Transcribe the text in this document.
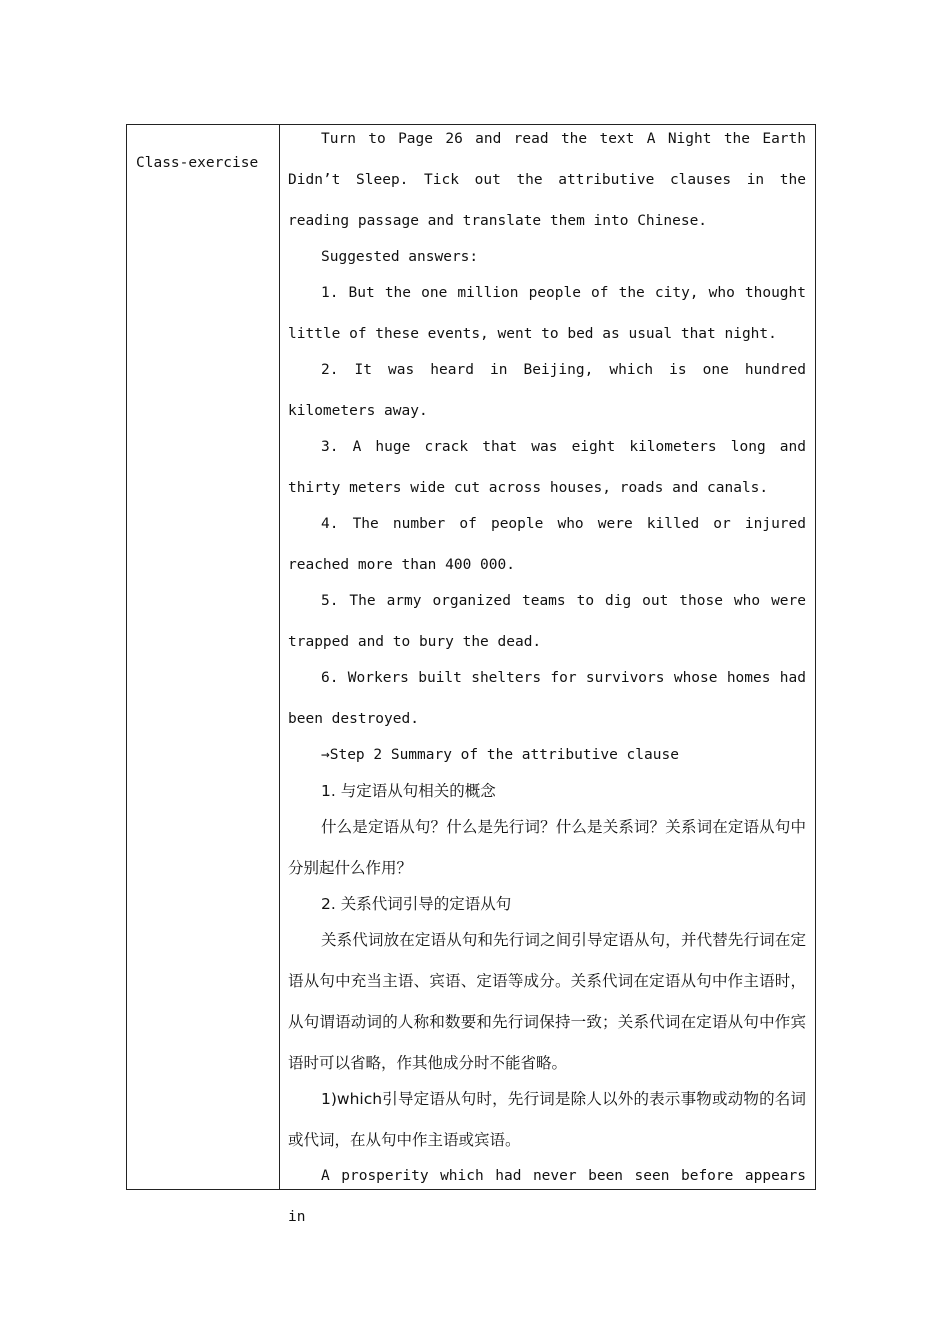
Class-exercise

Turn to Page 26 and read the text A Night the Earth Didn’t Sleep. Tick out the attributive clauses in the reading passage and translate them into Chinese.

Suggested answers:

1. But the one million people of the city, who thought little of these events, went to bed as usual that night.

2. It was heard in Beijing, which is one hundred kilometers away.

3. A huge crack that was eight kilometers long and thirty meters wide cut across houses, roads and canals.

4. The number of people who were killed or injured reached more than 400 000.

5. The army organized teams to dig out those who were trapped and to bury the dead.

6. Workers built shelters for survivors whose homes had been destroyed.

→Step 2 Summary of the attributive clause

1. 与定语从句相关的概念

什么是定语从句？什么是先行词？什么是关系词？关系词在定语从句中分别起什么作用？

2. 关系代词引导的定语从句

关系代词放在定语从句和先行词之间引导定语从句，并代替先行词在定语从句中充当主语、宾语、定语等成分。关系代词在定语从句中作主语时，从句谓语动词的人称和数要和先行词保持一致；关系代词在定语从句中作宾语时可以省略，作其他成分时不能省略。

1)which引导定语从句时，先行词是除人以外的表示事物或动物的名词或代词，在从句中作主语或宾语。

A prosperity which had never been seen before appears in
